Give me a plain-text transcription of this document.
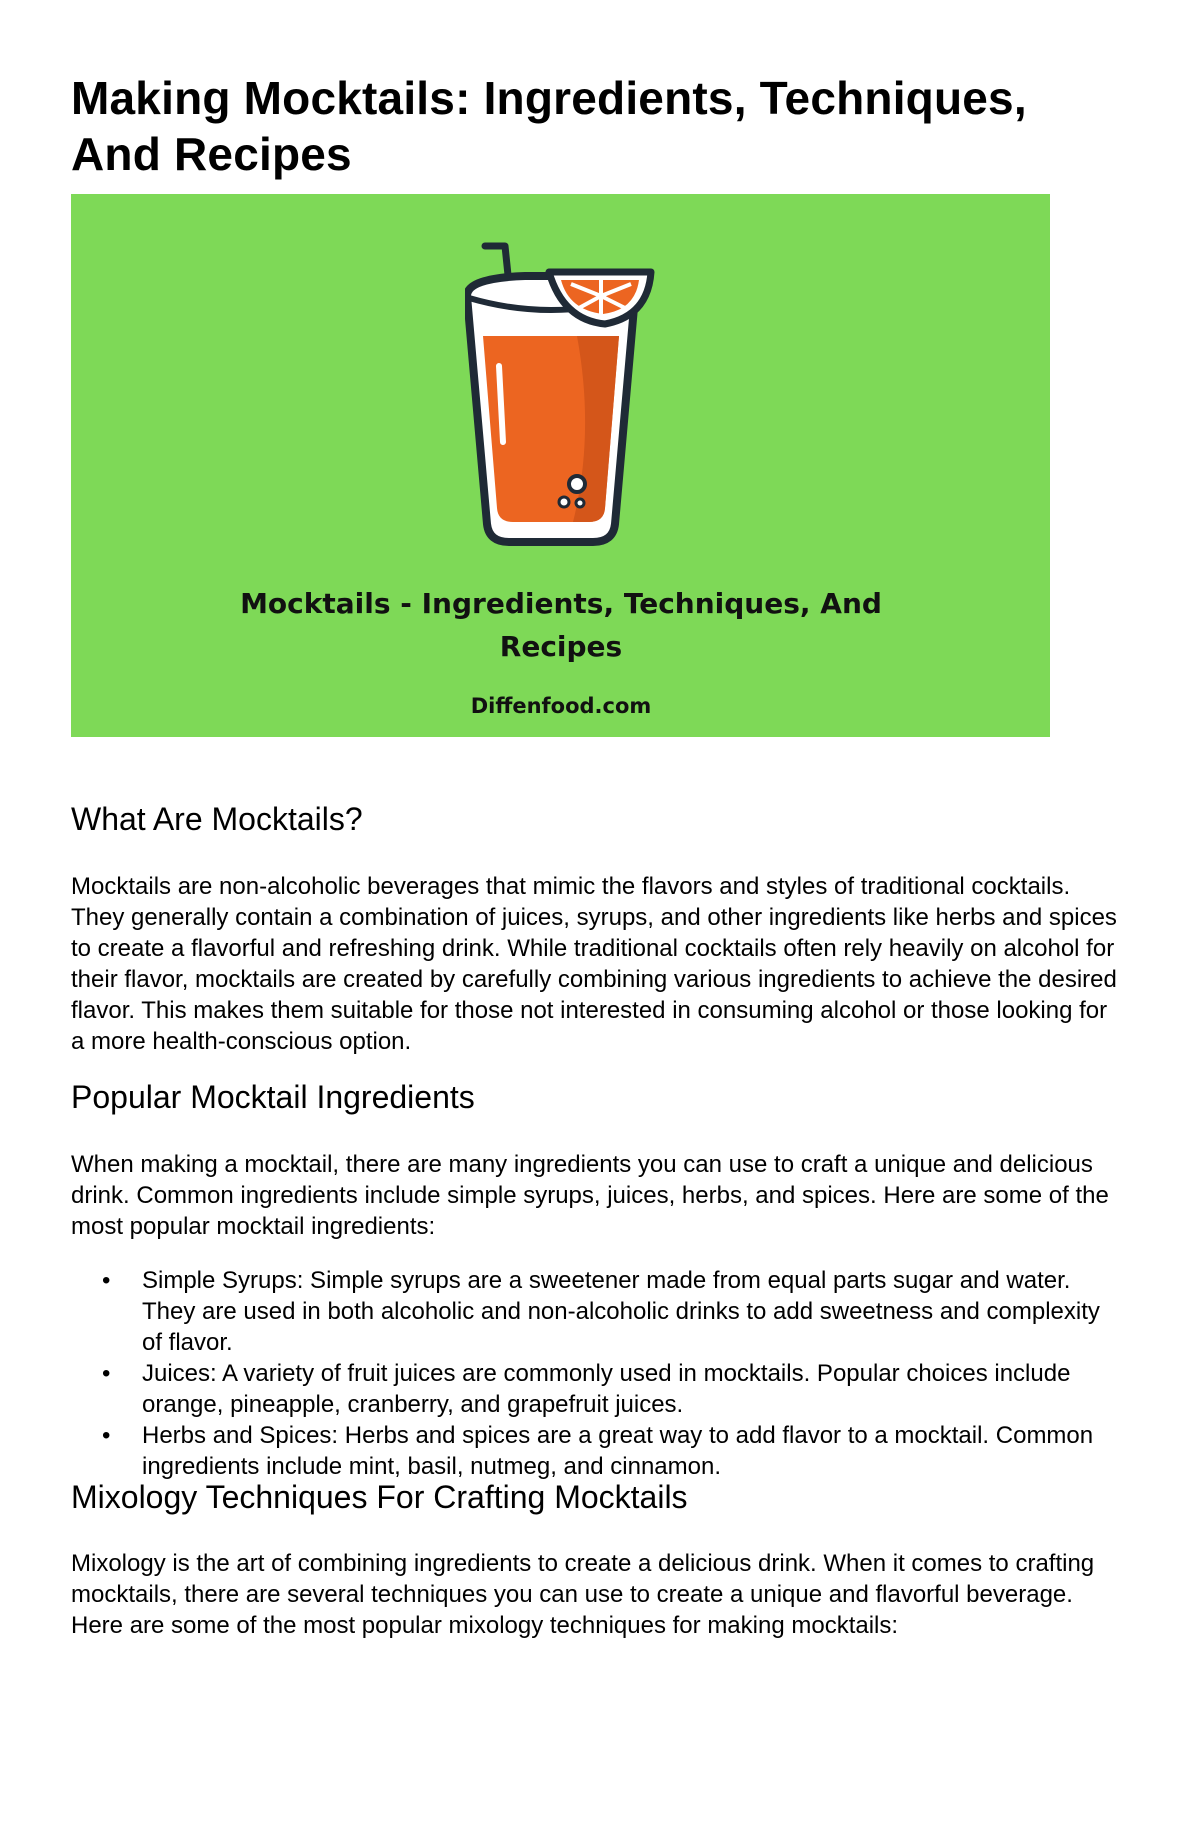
Making Mocktails: Ingredients, Techniques, And Recipes
Mocktails - Ingredients, Techniques, And Recipes
Diffenfood.com
What Are Mocktails?

Mocktails are non-alcoholic beverages that mimic the flavors and styles of traditional cocktails. They generally contain a combination of juices, syrups, and other ingredients like herbs and spices to create a flavorful and refreshing drink. While traditional cocktails often rely heavily on alcohol for their flavor, mocktails are created by carefully combining various ingredients to achieve the desired flavor. This makes them suitable for those not interested in consuming alcohol or those looking for a more health-conscious option.

Popular Mocktail Ingredients

When making a mocktail, there are many ingredients you can use to craft a unique and delicious drink. Common ingredients include simple syrups, juices, herbs, and spices. Here are some of the most popular mocktail ingredients:

• Simple Syrups: Simple syrups are a sweetener made from equal parts sugar and water. They are used in both alcoholic and non-alcoholic drinks to add sweetness and complexity of flavor.
• Juices: A variety of fruit juices are commonly used in mocktails. Popular choices include orange, pineapple, cranberry, and grapefruit juices.
• Herbs and Spices: Herbs and spices are a great way to add flavor to a mocktail. Common ingredients include mint, basil, nutmeg, and cinnamon.
Mixology Techniques For Crafting Mocktails

Mixology is the art of combining ingredients to create a delicious drink. When it comes to crafting mocktails, there are several techniques you can use to create a unique and flavorful beverage. Here are some of the most popular mixology techniques for making mocktails:
